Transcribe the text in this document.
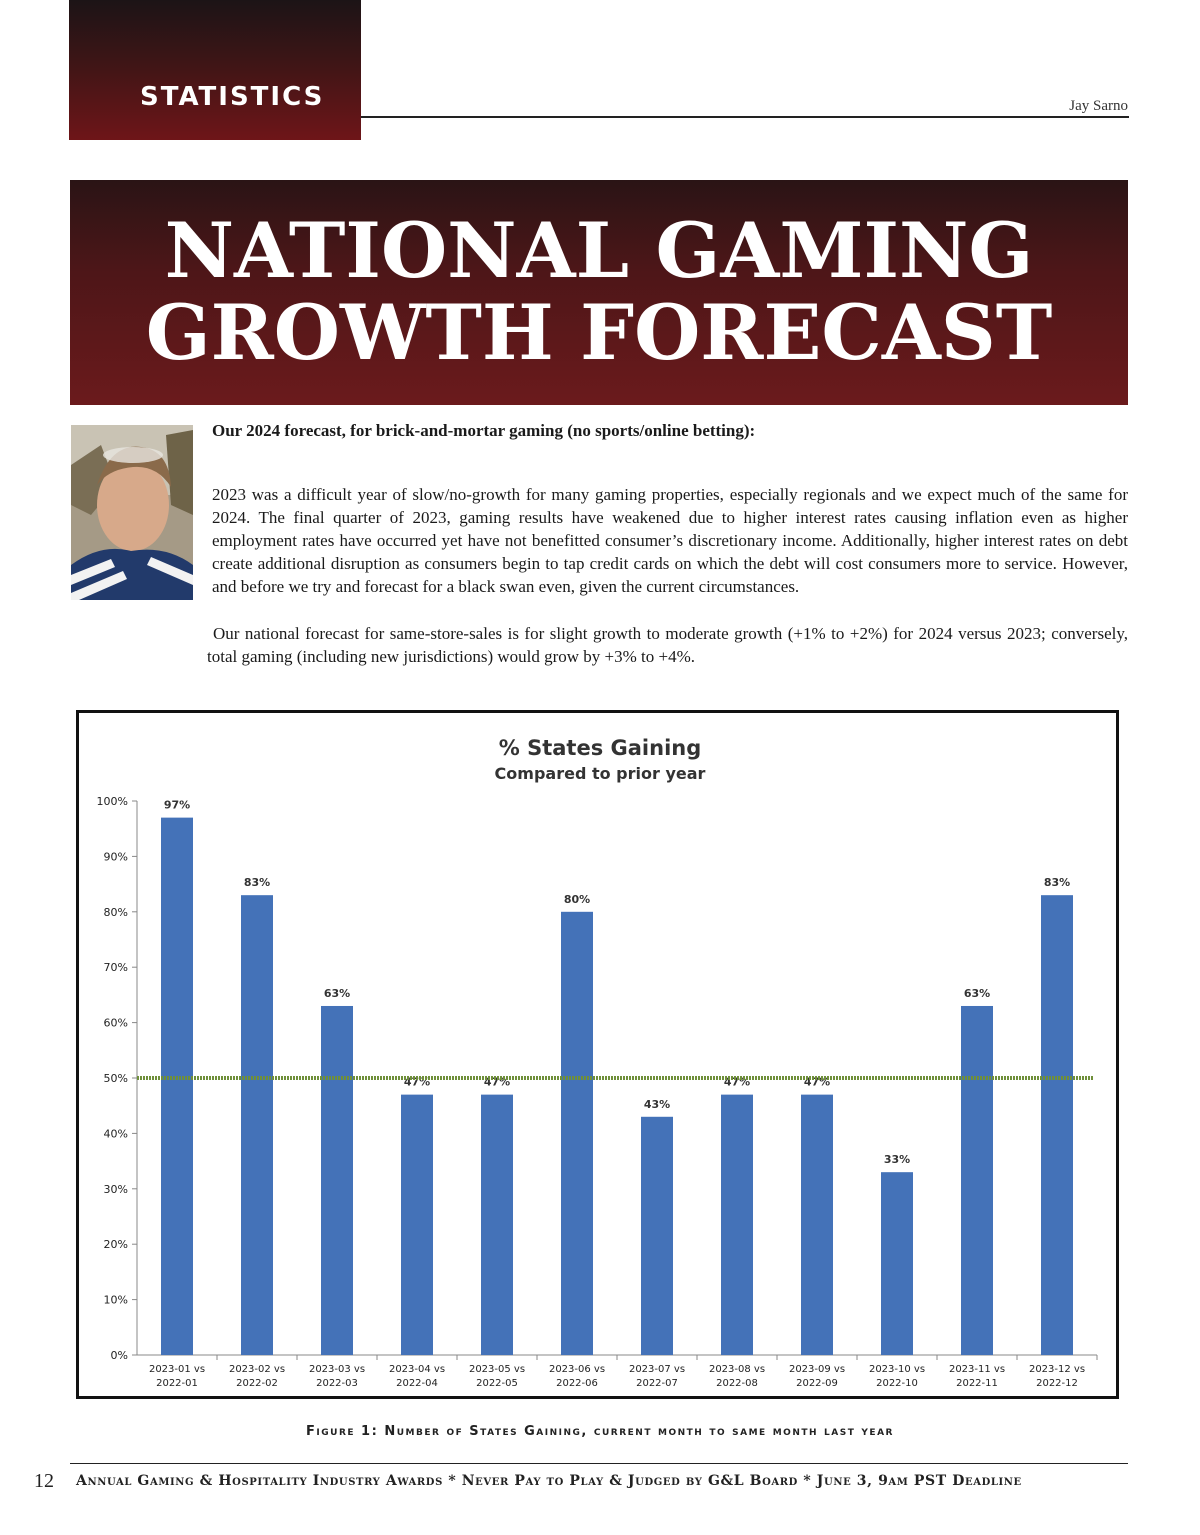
STATISTICS	Jay Sarno
NATIONAL GAMING
GROWTH FORECAST
Our 2024 forecast, for brick-and-mortar gaming (no sports/online betting):

2023 was a difficult year of slow/no-growth for many gaming properties, especially regionals and we expect much of the same for 2024. The final quarter of 2023, gaming results have weakened due to higher interest rates causing inflation even as higher employment rates have occurred yet have not benefitted consumer’s discretionary income. Additionally, higher interest rates on debt create additional disruption as consumers begin to tap credit cards on which the debt will cost consumers more to service. However, and before we try and forecast for a black swan even, given the current circumstances.

Our national forecast for same-store-sales is for slight growth to moderate growth (+1% to +2%) for 2024 versus 2023; conversely, total gaming (including new jurisdictions) would grow by +3% to +4%.

% States Gaining
Compared to prior year
0%
10%
20%
30%
40%
50%
60%
70%
80%
90%
100%	97%
2023-01 vs
2022-01
83%
2023-02 vs
2022-02
63%
2023-03 vs
2022-03
47%
2023-04 vs
2022-04
47%
2023-05 vs
2022-05
80%
2023-06 vs
2022-06
43%
2023-07 vs
2022-07
47%
2023-08 vs
2022-08
47%
2023-09 vs
2022-09
33%
2023-10 vs
2022-10
63%
2023-11 vs
2022-11
83%
2023-12 vs
2022-12
Figure 1: Number of States Gaining, current month to same month last year
12 Annual Gaming & Hospitality Industry Awards * Never Pay to Play & Judged by G&L Board * June 3, 9am PST Deadline
